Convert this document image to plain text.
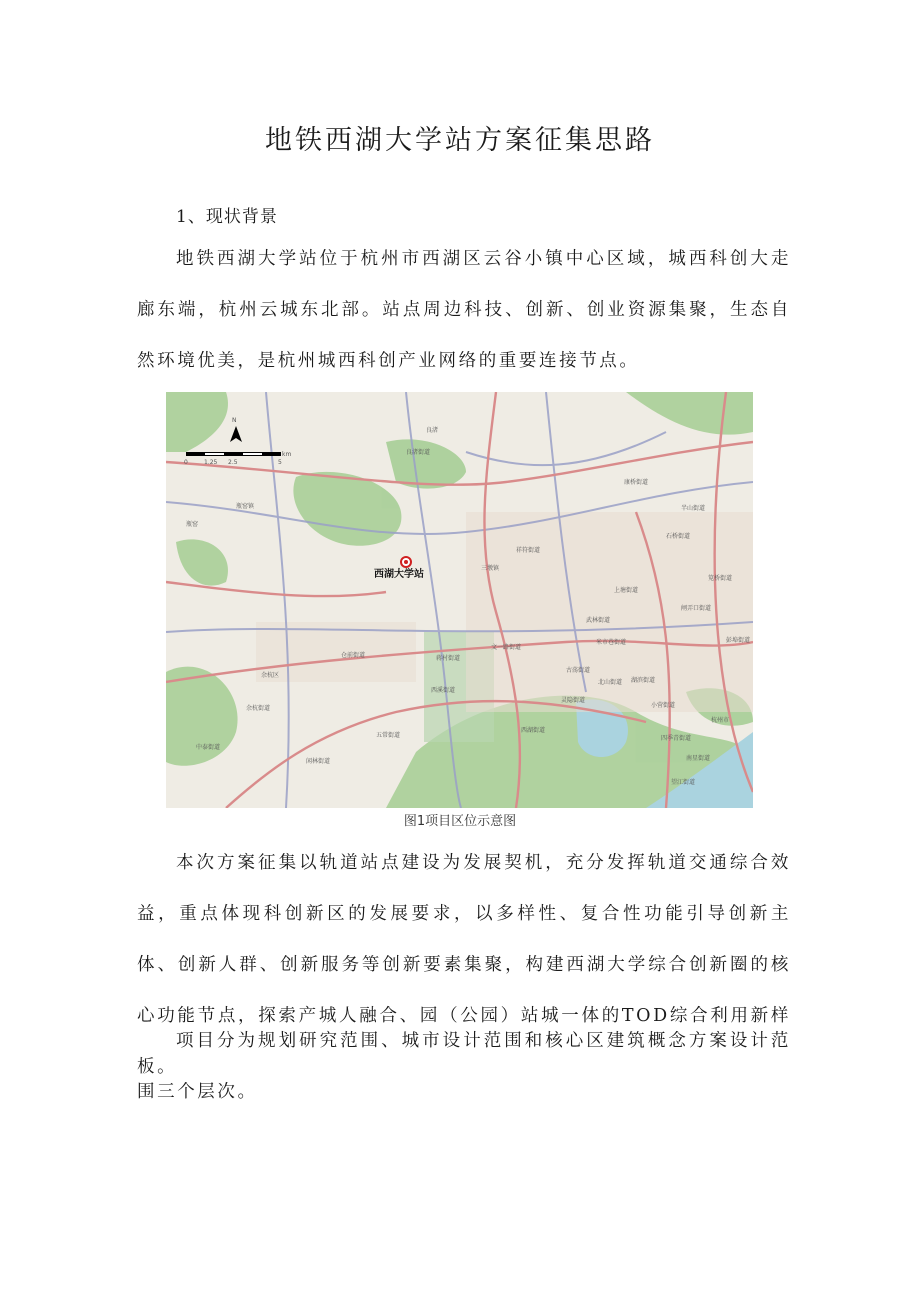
地铁西湖大学站方案征集思路
1、现状背景
地铁西湖大学站位于杭州市西湖区云谷小镇中心区域，城西科创大走廊东端，杭州云城东北部。站点周边科技、创新、创业资源集聚，生态自然环境优美，是杭州城西科创产业网络的重要连接节点。
0	1.25 2.5	5
km
N
良渚街道
瓶窑镇
仓前街道
余杭区
余杭街道
中泰街道
闲林街道
五常街道
三墩镇
祥符街道
蒋村街道
文一路街道
古荡街道
西湖街道
灵隐街道
康桥街道
半山街道
石桥街道
上塘街道
米市巷街道
武林街道
湖滨街道
小营街道
南星街道
四季青街道
望江街道
杭州市
彭埠街道
笕桥街道
闸弄口街道
北山街道
良渚
瓶窑
西溪街道
西湖大学站
图1项目区位示意图
本次方案征集以轨道站点建设为发展契机，充分发挥轨道交通综合效益，重点体现科创新区的发展要求，以多样性、复合性功能引导创新主体、创新人群、创新服务等创新要素集聚，构建西湖大学综合创新圈的核心功能节点，探索产城人融合、园（公园）站城一体的TOD综合利用新样板。
项目分为规划研究范围、城市设计范围和核心区建筑概念方案设计范围三个层次。
